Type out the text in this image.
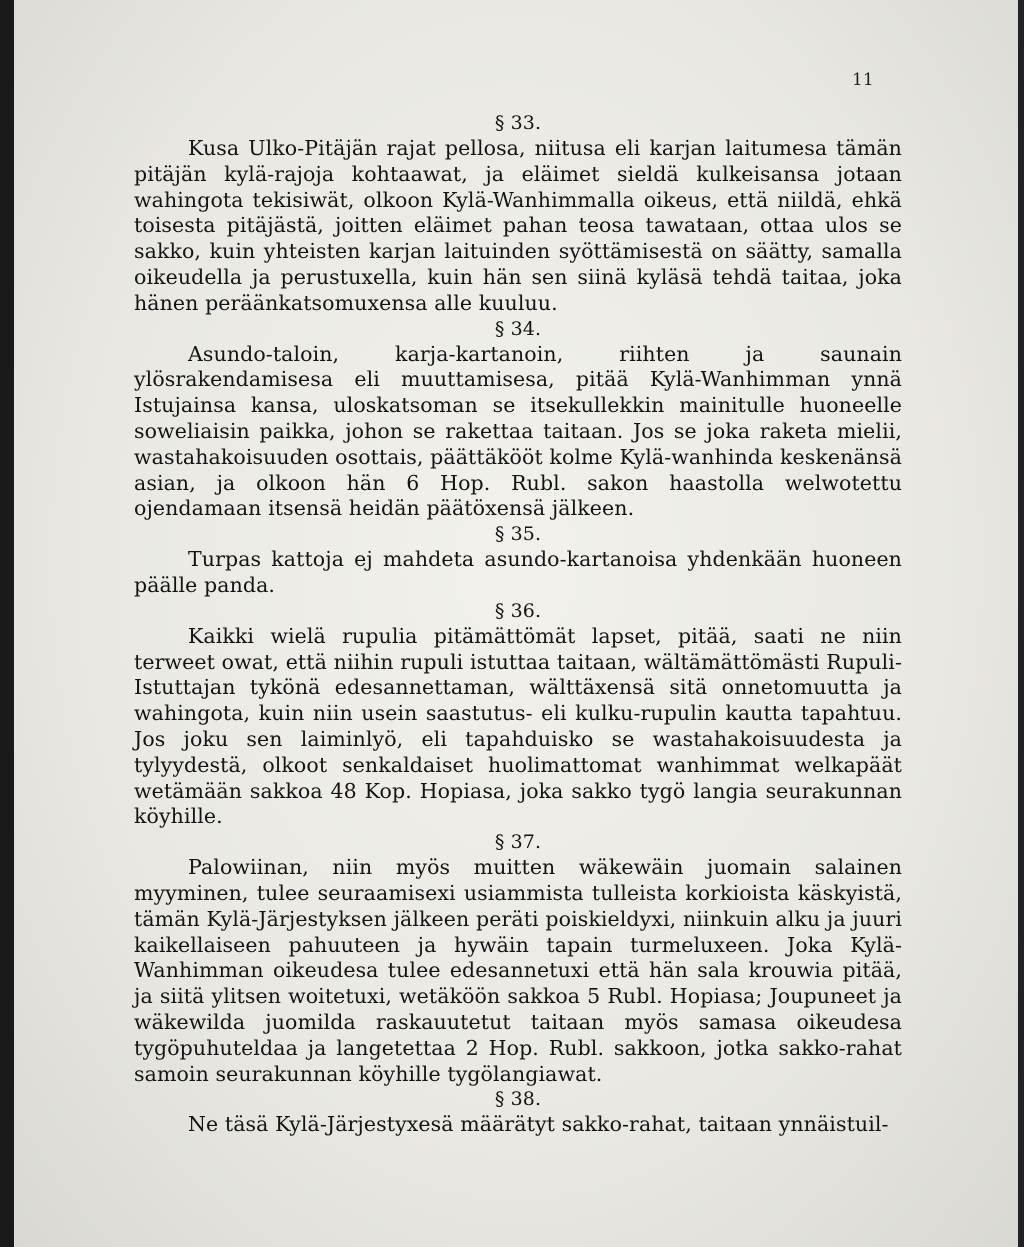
11
§ 33.

Kusa Ulko-Pitäjän rajat pellosa, niitusa eli karjan laitumesa tämän pitäjän kylä-rajoja kohtaawat, ja eläimet sieldä kulkeisansa jotaan wahingota tekisiwät, olkoon Kylä-Wanhimmalla oikeus, että niildä, ehkä toisesta pitäjästä, joitten eläimet pahan teosa tawataan, ottaa ulos se sakko, kuin yhteisten karjan laituinden syöttämisestä on säätty, samalla oikeudella ja perustuxella, kuin hän sen siinä kyläsä tehdä taitaa, joka hänen peräänkatsomuxensa alle kuuluu.

§ 34.

Asundo-taloin, karja-kartanoin, riihten ja saunain ylösrakendamisesa eli muuttamisesa, pitää Kylä-Wanhimman ynnä Istujainsa kansa, uloskatsoman se itsekullekkin mainitulle huoneelle soweliaisin paikka, johon se rakettaa taitaan. Jos se joka raketa mielii, wastahakoisuuden osottais, päättäkööt kolme Kylä-wanhinda keskenänsä asian, ja olkoon hän 6 Hop. Rubl. sakon haastolla welwotettu ojendamaan itsensä heidän päätöxensä jälkeen.

§ 35.

Turpas kattoja ej mahdeta asundo-kartanoisa yhdenkään huoneen päälle panda.

§ 36.

Kaikki wielä rupulia pitämättömät lapset, pitää, saati ne niin terweet owat, että niihin rupuli istuttaa taitaan, wältämättömästi Rupuli-Istuttajan tykönä edesannettaman, wälttäxensä sitä onnetomuutta ja wahingota, kuin niin usein saastutus- eli kulku-rupulin kautta tapahtuu. Jos joku sen laiminlyö, eli tapahduisko se wastahakoisuudesta ja tylyydestä, olkoot senkaldaiset huolimattomat wanhimmat welkapäät wetämään sakkoa 48 Kop. Hopiasa, joka sakko tygö langia seurakunnan köyhille.

§ 37.

Palowiinan, niin myös muitten wäkewäin juomain salainen myyminen, tulee seuraamisexi usiammista tulleista korkioista käskyistä, tämän Kylä-Järjestyksen jälkeen peräti poiskieldyxi, niinkuin alku ja juuri kaikellaiseen pahuuteen ja hywäin tapain turmeluxeen. Joka Kylä-Wanhimman oikeudesa tulee edesannetuxi että hän sala krouwia pitää, ja siitä ylitsen woitetuxi, wetäköön sakkoa 5 Rubl. Hopiasa; Joupuneet ja wäkewilda juomilda raskauutetut taitaan myös samasa oikeudesa tygöpuhuteldaa ja langetettaa 2 Hop. Rubl. sakkoon, jotka sakko-rahat samoin seurakunnan köyhille tygölangiawat.

§ 38.

Ne täsä Kylä-Järjestyxesä määrätyt sakko-rahat, taitaan ynnäistuil-
